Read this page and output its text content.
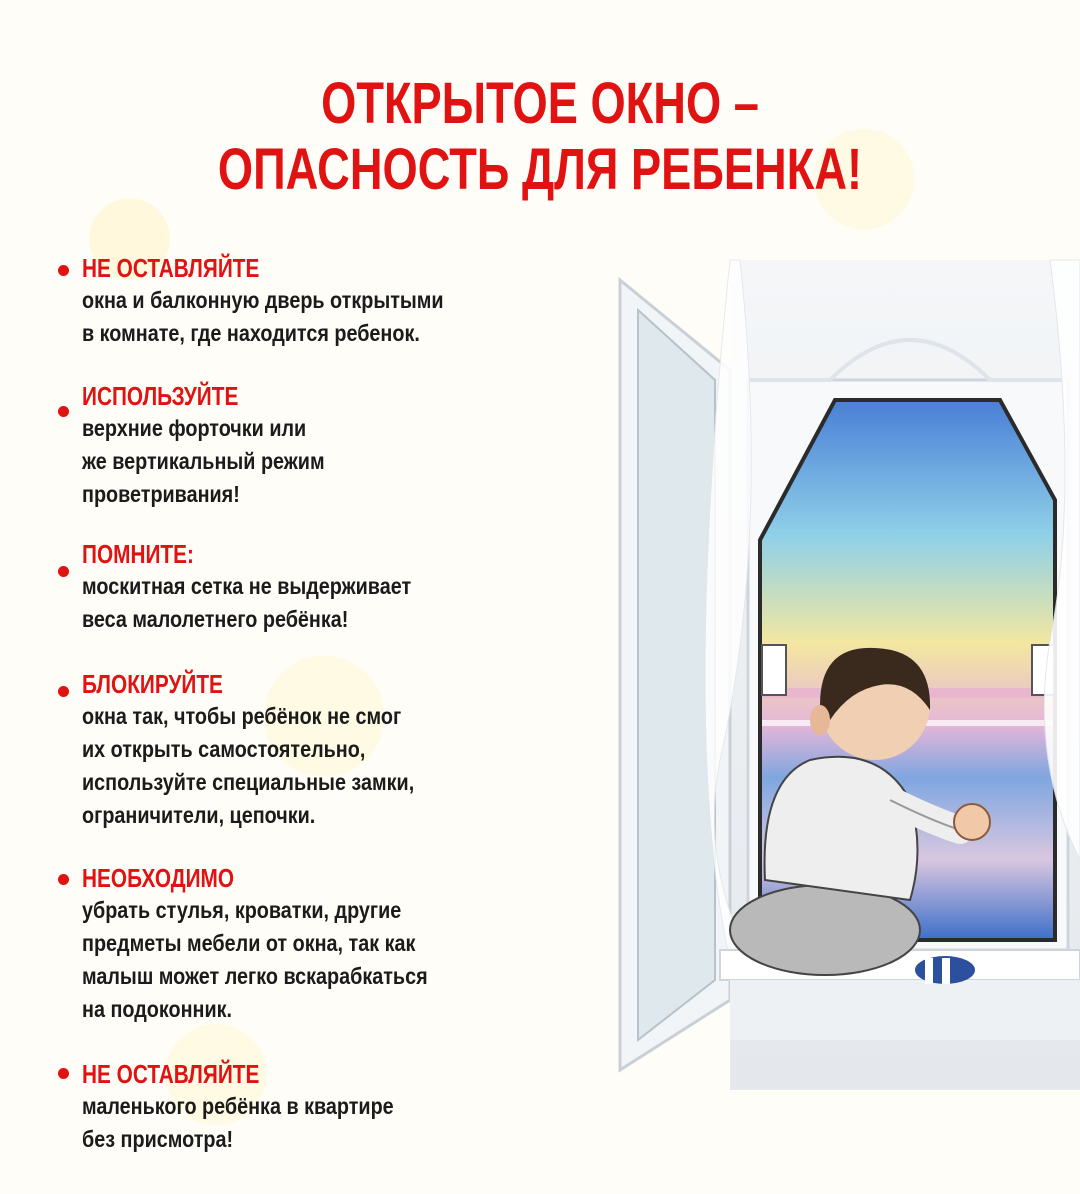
ОТКРЫТОЕ ОКНО –
ОПАСНОСТЬ ДЛЯ РЕБЕНКА!
НЕ ОСТАВЛЯЙТЕ
окна и балконную дверь открытыми
в комнате, где находится ребенок.
ИСПОЛЬЗУЙТЕ
верхние форточки или
же вертикальный режим
проветривания!
ПОМНИТЕ:
москитная сетка не выдерживает
веса малолетнего ребёнка!
БЛОКИРУЙТЕ
окна так, чтобы ребёнок не смог
их открыть самостоятельно,
используйте специальные замки,
ограничители, цепочки.
НЕОБХОДИМО
убрать стулья, кроватки, другие
предметы мебели от окна, так как
малыш может легко вскарабкаться
на подоконник.
НЕ ОСТАВЛЯЙТЕ
маленького ребёнка в квартире
без присмотра!
